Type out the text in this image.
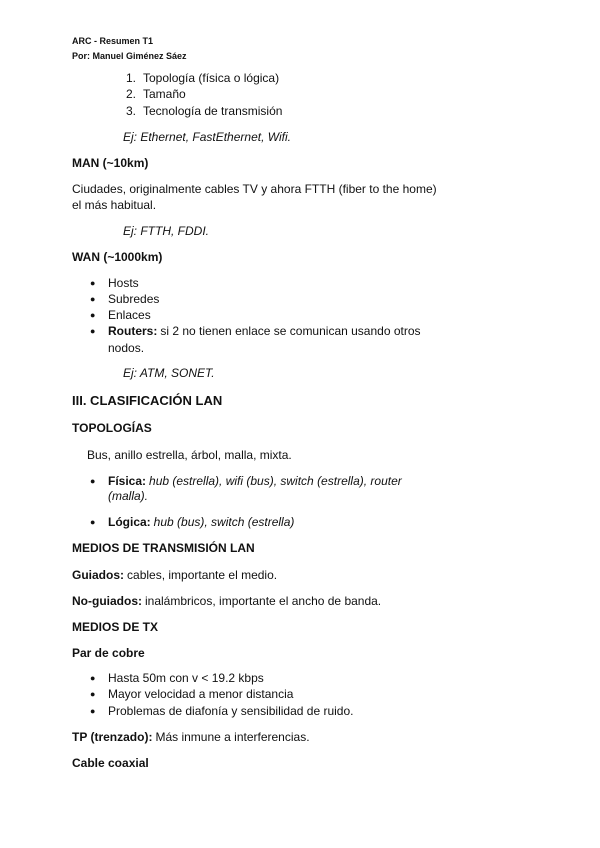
ARC - Resumen T1
Por: Manuel Giménez Sáez
1. Topología (física o lógica)
2. Tamaño
3. Tecnología de transmisión
Ej: Ethernet, FastEthernet, Wifi.
MAN (~10km)
Ciudades, originalmente cables TV y ahora FTTH (fiber to the home)
el más habitual.
Ej: FTTH, FDDI.
WAN (~1000km)
● Hosts
● Subredes
● Enlaces
● Routers: si 2 no tienen enlace se comunican usando otros
nodos.
Ej: ATM, SONET.
III. CLASIFICACIÓN LAN
TOPOLOGÍAS
Bus, anillo estrella, árbol, malla, mixta.
● Física: hub (estrella), wifi (bus), switch (estrella), router
(malla).
● Lógica: hub (bus), switch (estrella)
MEDIOS DE TRANSMISIÓN LAN
Guiados: cables, importante el medio.
No-guiados: inalámbricos, importante el ancho de banda.
MEDIOS DE TX
Par de cobre
● Hasta 50m con v < 19.2 kbps
● Mayor velocidad a menor distancia
● Problemas de diafonía y sensibilidad de ruido.
TP (trenzado): Más inmune a interferencias.
Cable coaxial
